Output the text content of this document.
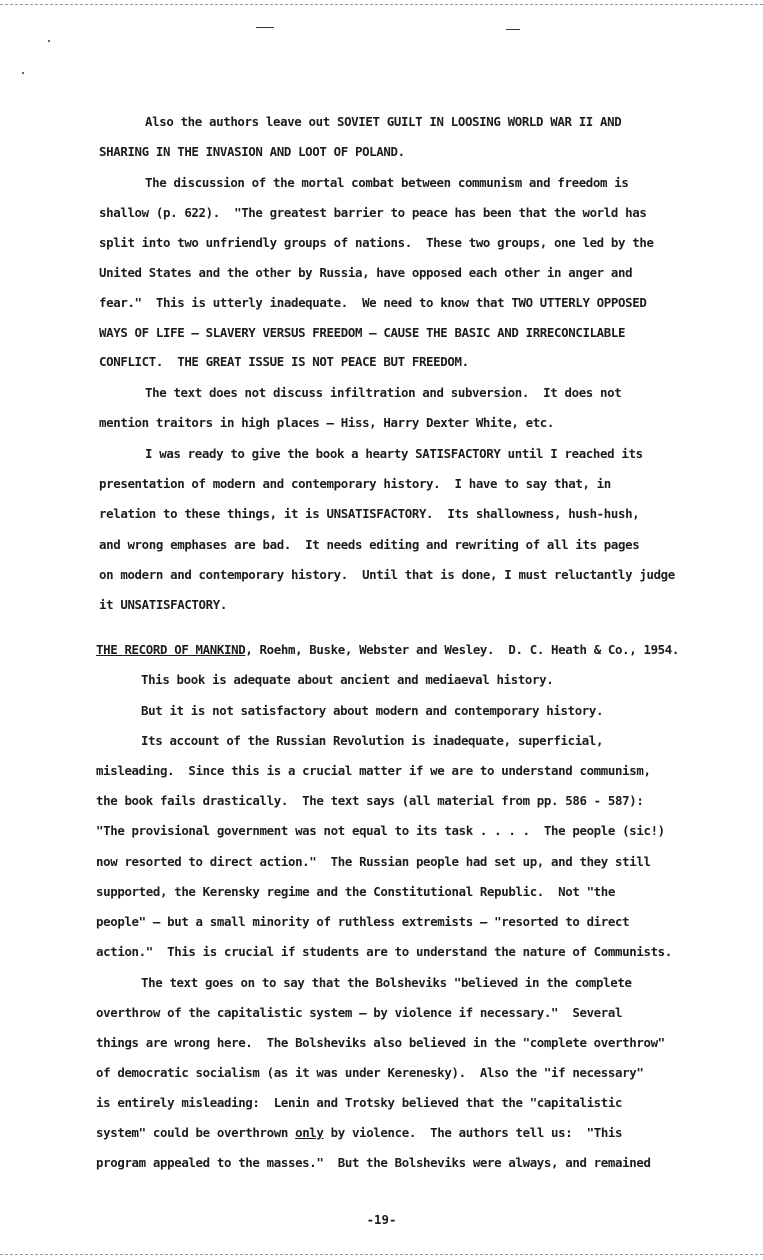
Also the authors leave out SOVIET GUILT IN LOOSING WORLD WAR II AND
SHARING IN THE INVASION AND LOOT OF POLAND.
The discussion of the mortal combat between communism and freedom is
shallow (p. 622).  "The greatest barrier to peace has been that the world has
split into two unfriendly groups of nations.  These two groups, one led by the
United States and the other by Russia, have opposed each other in anger and
fear."  This is utterly inadequate.  We need to know that TWO UTTERLY OPPOSED
WAYS OF LIFE — SLAVERY VERSUS FREEDOM — CAUSE THE BASIC AND IRRECONCILABLE
CONFLICT.  THE GREAT ISSUE IS NOT PEACE BUT FREEDOM.
The text does not discuss infiltration and subversion.  It does not
mention traitors in high places — Hiss, Harry Dexter White, etc.
I was ready to give the book a hearty SATISFACTORY until I reached its
presentation of modern and contemporary history.  I have to say that, in
relation to these things, it is UNSATISFACTORY.  Its shallowness, hush-hush,
and wrong emphases are bad.  It needs editing and rewriting of all its pages
on modern and contemporary history.  Until that is done, I must reluctantly judge
it UNSATISFACTORY.
THE RECORD OF MANKIND, Roehm, Buske, Webster and Wesley.  D. C. Heath & Co., 1954.
This book is adequate about ancient and mediaeval history.
But it is not satisfactory about modern and contemporary history.
Its account of the Russian Revolution is inadequate, superficial,
misleading.  Since this is a crucial matter if we are to understand communism,
the book fails drastically.  The text says (all material from pp. 586 - 587):
"The provisional government was not equal to its task . . . .  The people (sic!)
now resorted to direct action."  The Russian people had set up, and they still
supported, the Kerensky regime and the Constitutional Republic.  Not "the
people" — but a small minority of ruthless extremists — "resorted to direct
action."  This is crucial if students are to understand the nature of Communists.
The text goes on to say that the Bolsheviks "believed in the complete
overthrow of the capitalistic system — by violence if necessary."  Several
things are wrong here.  The Bolsheviks also believed in the "complete overthrow"
of democratic socialism (as it was under Kerenesky).  Also the "if necessary"
is entirely misleading:  Lenin and Trotsky believed that the "capitalistic
system" could be overthrown only by violence.  The authors tell us:  "This
program appealed to the masses."  But the Bolsheviks were always, and remained
-19-
